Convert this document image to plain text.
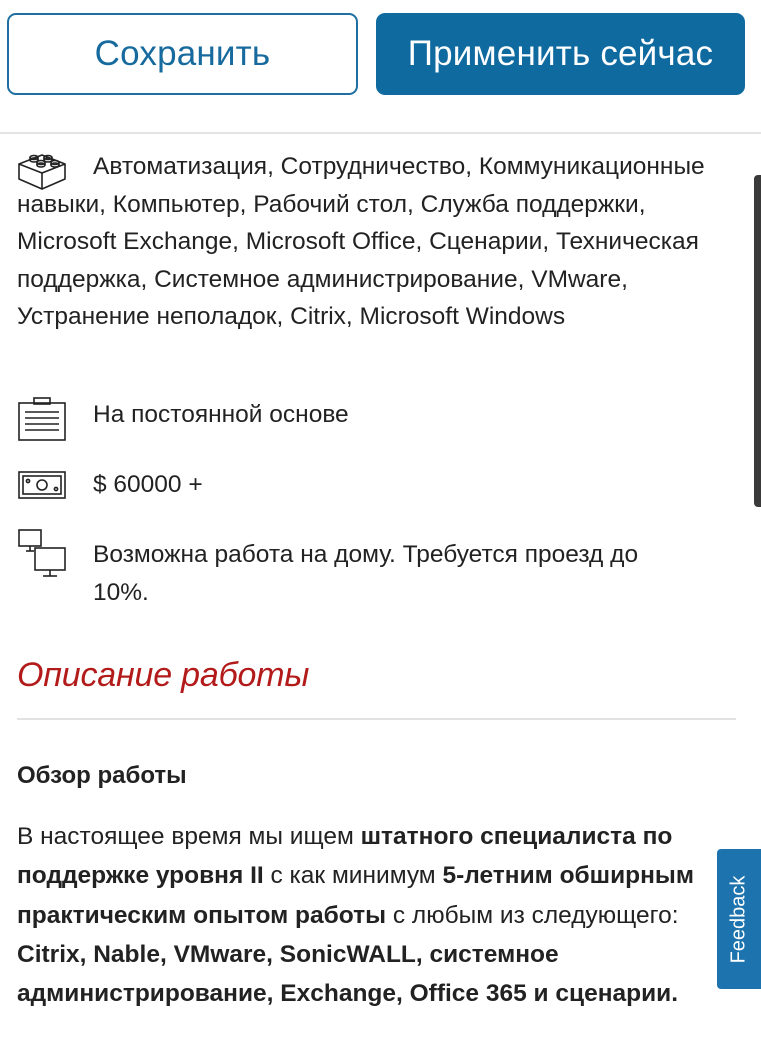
Сохранить	Применить сейчас
Автоматизация, Сотрудничество, Коммуникационные навыки, Компьютер, Рабочий стол, Служба поддержки, Microsoft Exchange, Microsoft Office, Сценарии, Техническая поддержка, Системное администрирование, VMware, Устранение неполадок, Citrix, Microsoft Windows
На постоянной основе
$ 60000 +
Возможна работа на дому. Требуется проезд до 10%.
Описание работы
Обзор работы
В настоящее время мы ищем штатного специалиста по поддержке уровня II с как минимум 5-летним обширным практическим опытом работы с любым из следующего: Citrix, Nable, VMware, SonicWALL, системное администрирование, Exchange, Office 365 и сценарии.
Feedback
